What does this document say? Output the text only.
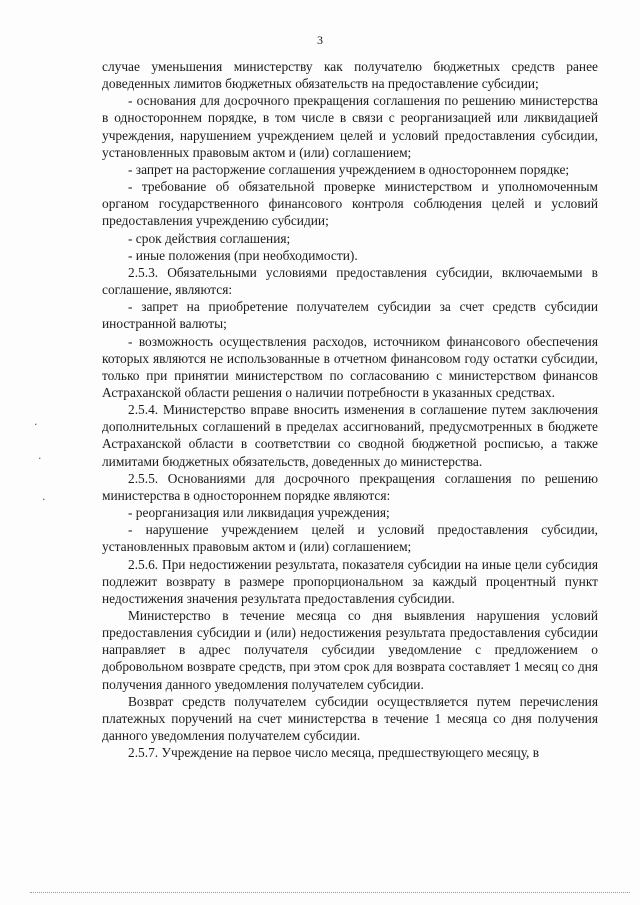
3

случае уменьшения министерству как получателю бюджетных средств ранее доведенных лимитов бюджетных обязательств на предоставление субсидии;

- основания для досрочного прекращения соглашения по решению министерства в одностороннем порядке, в том числе в связи с реорганизацией или ликвидацией учреждения, нарушением учреждением целей и условий предоставления субсидии, установленных правовым актом и (или) соглашением;

- запрет на расторжение соглашения учреждением в одностороннем порядке;

- требование об обязательной проверке министерством и уполномоченным органом государственного финансового контроля соблюдения целей и условий предоставления учреждению субсидии;

- срок действия соглашения;

- иные положения (при необходимости).

2.5.3. Обязательными условиями предоставления субсидии, включаемыми в соглашение, являются:

- запрет на приобретение получателем субсидии за счет средств субсидии иностранной валюты;

- возможность осуществления расходов, источником финансового обеспечения которых являются не использованные в отчетном финансовом году остатки субсидии, только при принятии министерством по согласованию с министерством финансов Астраханской области решения о наличии потребности в указанных средствах.

2.5.4. Министерство вправе вносить изменения в соглашение путем заключения дополнительных соглашений в пределах ассигнований, предусмотренных в бюджете Астраханской области в соответствии со сводной бюджетной росписью, а также лимитами бюджетных обязательств, доведенных до министерства.

2.5.5. Основаниями для досрочного прекращения соглашения по решению министерства в одностороннем порядке являются:

- реорганизация или ликвидация учреждения;

- нарушение учреждением целей и условий предоставления субсидии, установленных правовым актом и (или) соглашением;

2.5.6. При недостижении результата, показателя субсидии на иные цели субсидия подлежит возврату в размере пропорциональном за каждый процентный пункт недостижения значения результата предоставления субсидии.

Министерство в течение месяца со дня выявления нарушения условий предоставления субсидии и (или) недостижения результата предоставления субсидии направляет в адрес получателя субсидии уведомление с предложением о добровольном возврате средств, при этом срок для возврата составляет 1 месяц со дня получения данного уведомления получателем субсидии.

Возврат средств получателем субсидии осуществляется путем перечисления платежных поручений на счет министерства в течение 1 месяца со дня получения данного уведомления получателем субсидии.

2.5.7. Учреждение на первое число месяца, предшествующего месяцу, в

·
·
·
